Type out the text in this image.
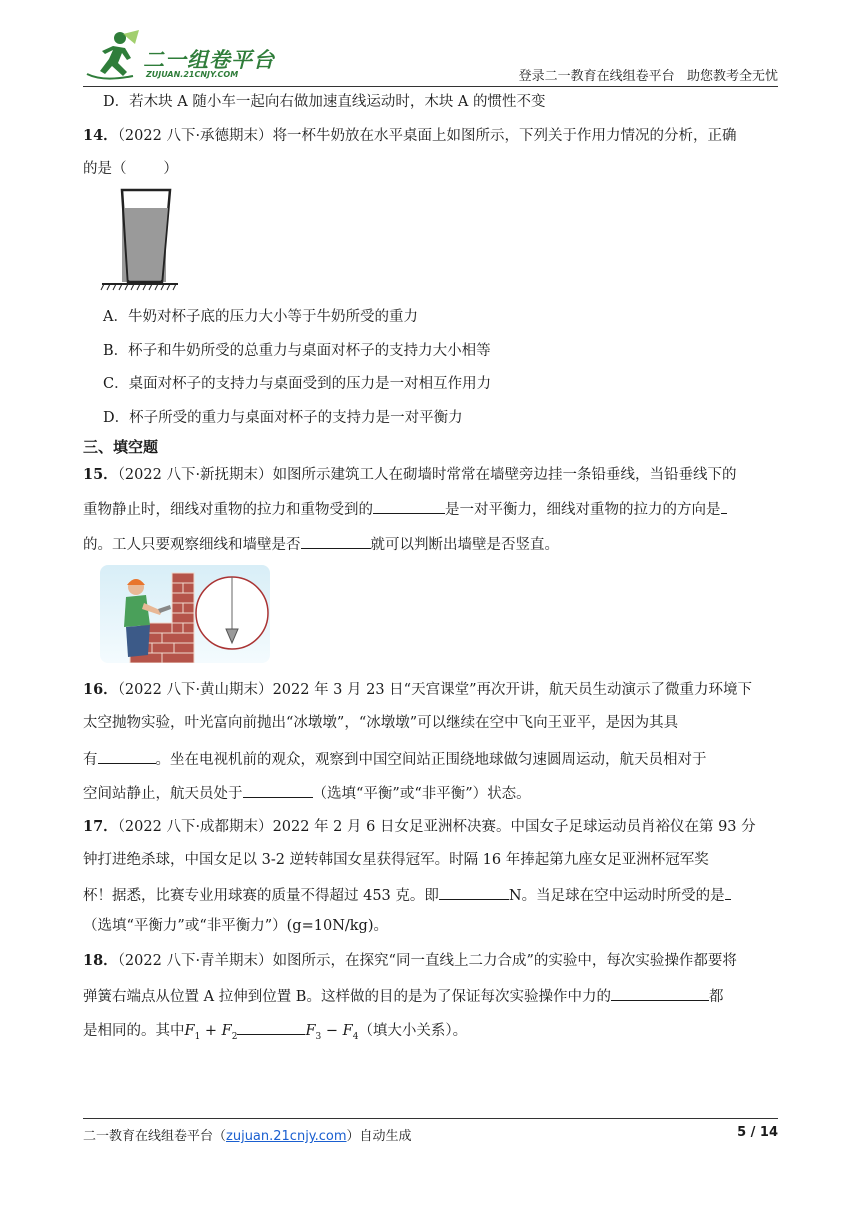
二一组卷平台
ZUJUAN.21CNJY.COM	登录二一教育在线组卷平台   助您教考全无忧
D．若木块 A 随小车一起向右做加速直线运动时，木块 A 的惯性不变
14．（2022 八下·承德期末）将一杯牛奶放在水平桌面上如图所示，下列关于作用力情况的分析，正确
的是（        ）
A．牛奶对杯子底的压力大小等于牛奶所受的重力
B．杯子和牛奶所受的总重力与桌面对杯子的支持力大小相等
C．桌面对杯子的支持力与桌面受到的压力是一对相互作用力
D．杯子所受的重力与桌面对杯子的支持力是一对平衡力
三、填空题
15．（2022 八下·新抚期末）如图所示建筑工人在砌墙时常常在墙壁旁边挂一条铅垂线，当铅垂线下的
重物静止时，细线对重物的拉力和重物受到的	是一对平衡力，细线对重物的拉力的方向是
的。工人只要观察细线和墙壁是否	就可以判断出墙壁是否竖直。
16．（2022 八下·黄山期末）2022 年 3 月 23 日“天宫课堂”再次开讲，航天员生动演示了微重力环境下
太空抛物实验，叶光富向前抛出“冰墩墩”，“冰墩墩”可以继续在空中飞向王亚平，是因为其具
有	。坐在电视机前的观众，观察到中国空间站正围绕地球做匀速圆周运动，航天员相对于
空间站静止，航天员处于	（选填“平衡”或“非平衡”）状态。
17．（2022 八下·成都期末）2022 年 2 月 6 日女足亚洲杯决赛。中国女子足球运动员肖裕仪在第 93 分
钟打进绝杀球，中国女足以 3-2 逆转韩国女星获得冠军。时隔 16 年捧起第九座女足亚洲杯冠军奖
杯！据悉，比赛专业用球赛的质量不得超过 453 克。即	N。当足球在空中运动时所受的是
（选填“平衡力”或“非平衡力”）(g=10N/kg)。
18．（2022 八下·青羊期末）如图所示，在探究“同一直线上二力合成”的实验中，每次实验操作都要将
弹簧右端点从位置 A 拉伸到位置 B。这样做的目的是为了保证每次实验操作中力的	都
是相同的。其中$F_1 + F_2$	$F_3 - F_4$（填大小关系）。
二一教育在线组卷平台（zujuan.21cnjy.com）自动生成	5 / 14
